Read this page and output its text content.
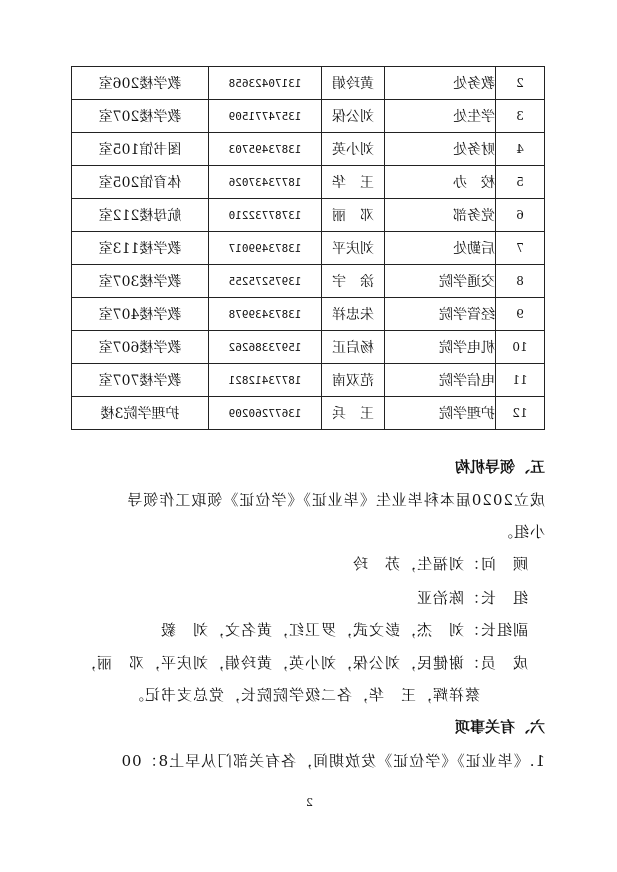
2	教务处	黄玲娟	13170423658	教学楼206室
3	学生处	刘公保	13574771509	教学楼207室
4	财务处	刘小英	13873495703	图书馆105室
5	校　办	王　华	18773437026	体育馆205室
6	党务部	邓　丽	13787732210	航母楼212室
7	后勤处	刘庆平	13873499017	教学楼113室
8	交通学院	涂　宇	13975275255	教学楼307室
9	经管学院	朱忠祥	13873439978	教学楼407室
10	机电学院	杨启正	15973386262	教学楼607室
11	电信学院	范双南	18773412821	教学楼707室
12	护理学院	王　兵	13677260209	护理学院3楼
五、领导机构
成立2020届本科毕业生《毕业证》《学位证》领取工作领导
小组。
顾　问：刘福生，苏　玲
组　长：陈治亚
副组长：刘　杰，彭文武，罗卫红，黄名文，刘　毅
成　员：谢健民，刘公保，刘小英，黄玲娟，刘庆平，邓　丽，
蔡祥辉，王　华，各二级学院院长，党总支书记。
六、有关事项
1.《毕业证》《学位证》发放期间，各有关部门从早上8：00
2
